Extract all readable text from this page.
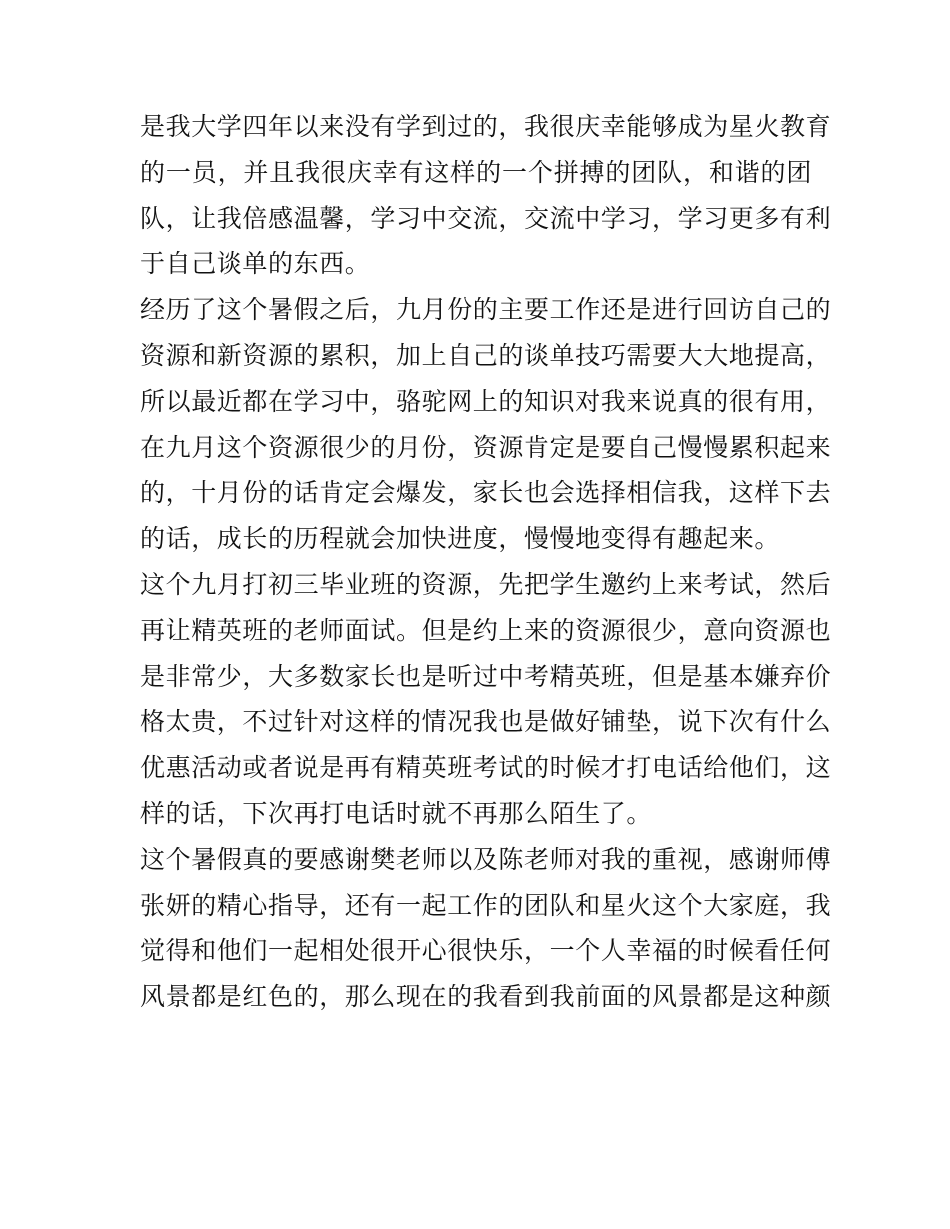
是我大学四年以来没有学到过的，我很庆幸能够成为星火教育
的一员，并且我很庆幸有这样的一个拼搏的团队，和谐的团
队，让我倍感温馨，学习中交流，交流中学习，学习更多有利
于自己谈单的东西。
经历了这个暑假之后，九月份的主要工作还是进行回访自己的
资源和新资源的累积，加上自己的谈单技巧需要大大地提高，
所以最近都在学习中，骆驼网上的知识对我来说真的很有用，
在九月这个资源很少的月份，资源肯定是要自己慢慢累积起来
的，十月份的话肯定会爆发，家长也会选择相信我，这样下去
的话，成长的历程就会加快进度，慢慢地变得有趣起来。
这个九月打初三毕业班的资源，先把学生邀约上来考试，然后
再让精英班的老师面试。但是约上来的资源很少，意向资源也
是非常少，大多数家长也是听过中考精英班，但是基本嫌弃价
格太贵，不过针对这样的情况我也是做好铺垫，说下次有什么
优惠活动或者说是再有精英班考试的时候才打电话给他们，这
样的话，下次再打电话时就不再那么陌生了。
这个暑假真的要感谢樊老师以及陈老师对我的重视，感谢师傅
张妍的精心指导，还有一起工作的团队和星火这个大家庭，我
觉得和他们一起相处很开心很快乐，一个人幸福的时候看任何
风景都是红色的，那么现在的我看到我前面的风景都是这种颜
